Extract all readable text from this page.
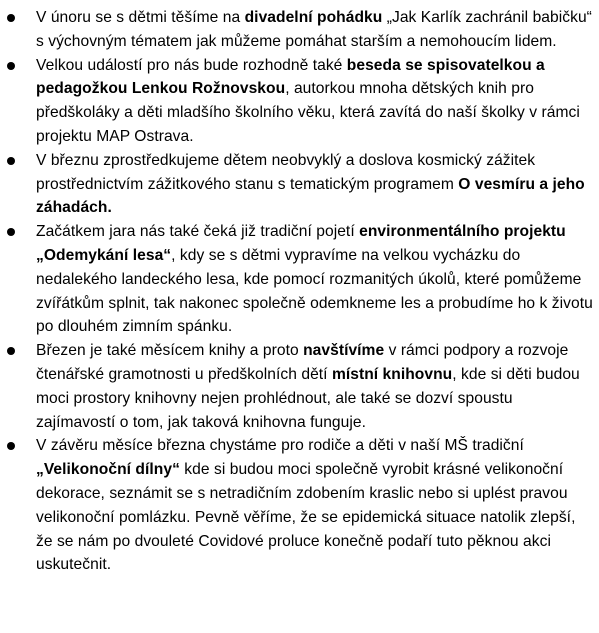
V únoru se s dětmi těšíme na divadelní pohádku „Jak Karlík zachránil babičku“ s výchovným tématem jak můžeme pomáhat starším a nemohoucím lidem.
Velkou událostí pro nás bude rozhodně také beseda se spisovatelkou a pedagožkou Lenkou Rožnovskou, autorkou mnoha dětských knih pro předškoláky a děti mladšího školního věku, která zavítá do naší školky v rámci projektu MAP Ostrava.
V březnu zprostředkujeme dětem neobvyklý a doslova kosmický zážitek prostřednictvím zážitkového stanu s tematickým programem O vesmíru a jeho záhadách.
Začátkem jara nás také čeká již tradiční pojetí environmentálního projektu „Odemykání lesa“, kdy se s dětmi vypravíme na velkou vycházku do nedalekého landeckého lesa, kde pomocí rozmanitých úkolů, které pomůžeme zvířátkům splnit, tak nakonec společně odemkneme les a probudíme ho k životu po dlouhém zimním spánku.
Březen je také měsícem knihy a proto navštívíme v rámci podpory a rozvoje čtenářské gramotnosti u předškolních dětí místní knihovnu, kde si děti budou moci prostory knihovny nejen prohlédnout, ale také se dozví spoustu zajímavostí o tom, jak taková knihovna funguje.
V závěru měsíce března chystáme pro rodiče a děti v naší MŠ tradiční „Velikonoční dílny“ kde si budou moci společně vyrobit krásné velikonoční dekorace, seznámit se s netradičním zdobením kraslic nebo si uplést pravou velikonoční pomlázku. Pevně věříme, že se epidemická situace natolik zlepší, že se nám po dvouleté Covidové proluce konečně podaří tuto pěknou akci uskutečnit.
